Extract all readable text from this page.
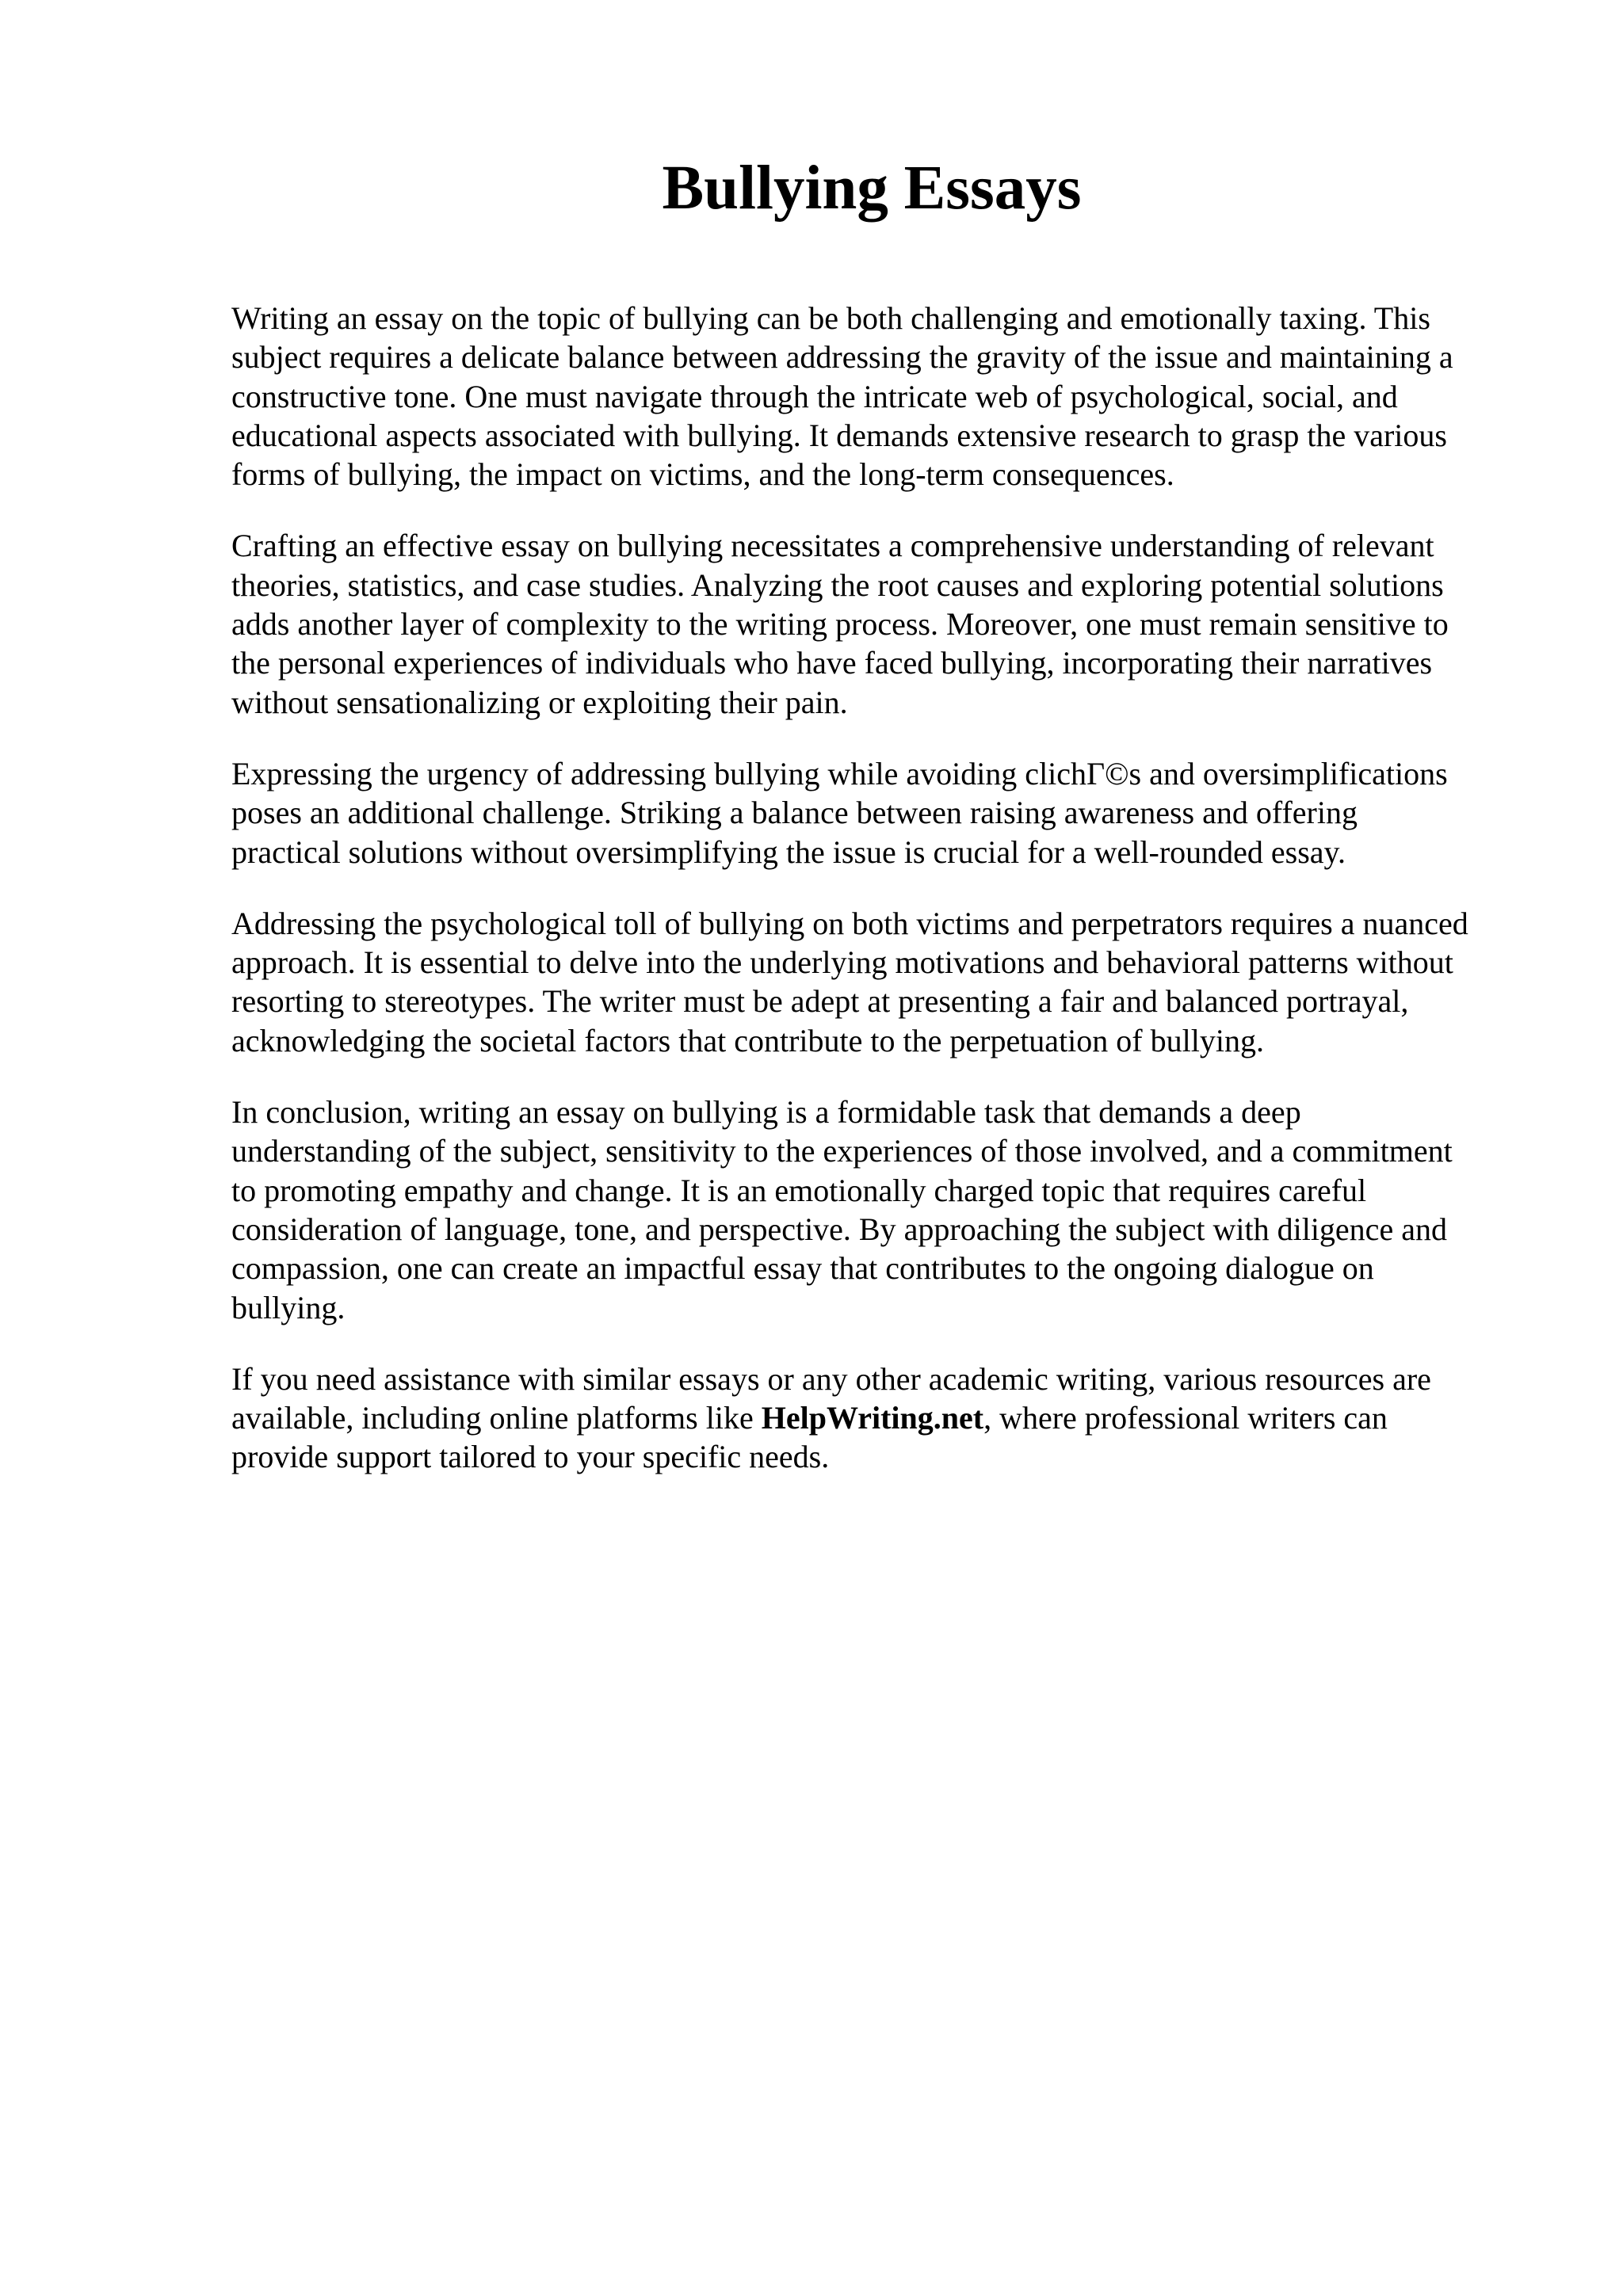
Bullying Essays

Writing an essay on the topic of bullying can be both challenging and emotionally taxing. This
subject requires a delicate balance between addressing the gravity of the issue and maintaining a
constructive tone. One must navigate through the intricate web of psychological, social, and
educational aspects associated with bullying. It demands extensive research to grasp the various
forms of bullying, the impact on victims, and the long-term consequences.

Crafting an effective essay on bullying necessitates a comprehensive understanding of relevant
theories, statistics, and case studies. Analyzing the root causes and exploring potential solutions
adds another layer of complexity to the writing process. Moreover, one must remain sensitive to
the personal experiences of individuals who have faced bullying, incorporating their narratives
without sensationalizing or exploiting their pain.

Expressing the urgency of addressing bullying while avoiding clichΓ©s and oversimplifications
poses an additional challenge. Striking a balance between raising awareness and offering
practical solutions without oversimplifying the issue is crucial for a well-rounded essay.

Addressing the psychological toll of bullying on both victims and perpetrators requires a nuanced
approach. It is essential to delve into the underlying motivations and behavioral patterns without
resorting to stereotypes. The writer must be adept at presenting a fair and balanced portrayal,
acknowledging the societal factors that contribute to the perpetuation of bullying.

In conclusion, writing an essay on bullying is a formidable task that demands a deep
understanding of the subject, sensitivity to the experiences of those involved, and a commitment
to promoting empathy and change. It is an emotionally charged topic that requires careful
consideration of language, tone, and perspective. By approaching the subject with diligence and
compassion, one can create an impactful essay that contributes to the ongoing dialogue on
bullying.

If you need assistance with similar essays or any other academic writing, various resources are
available, including online platforms like HelpWriting.net, where professional writers can
provide support tailored to your specific needs.
